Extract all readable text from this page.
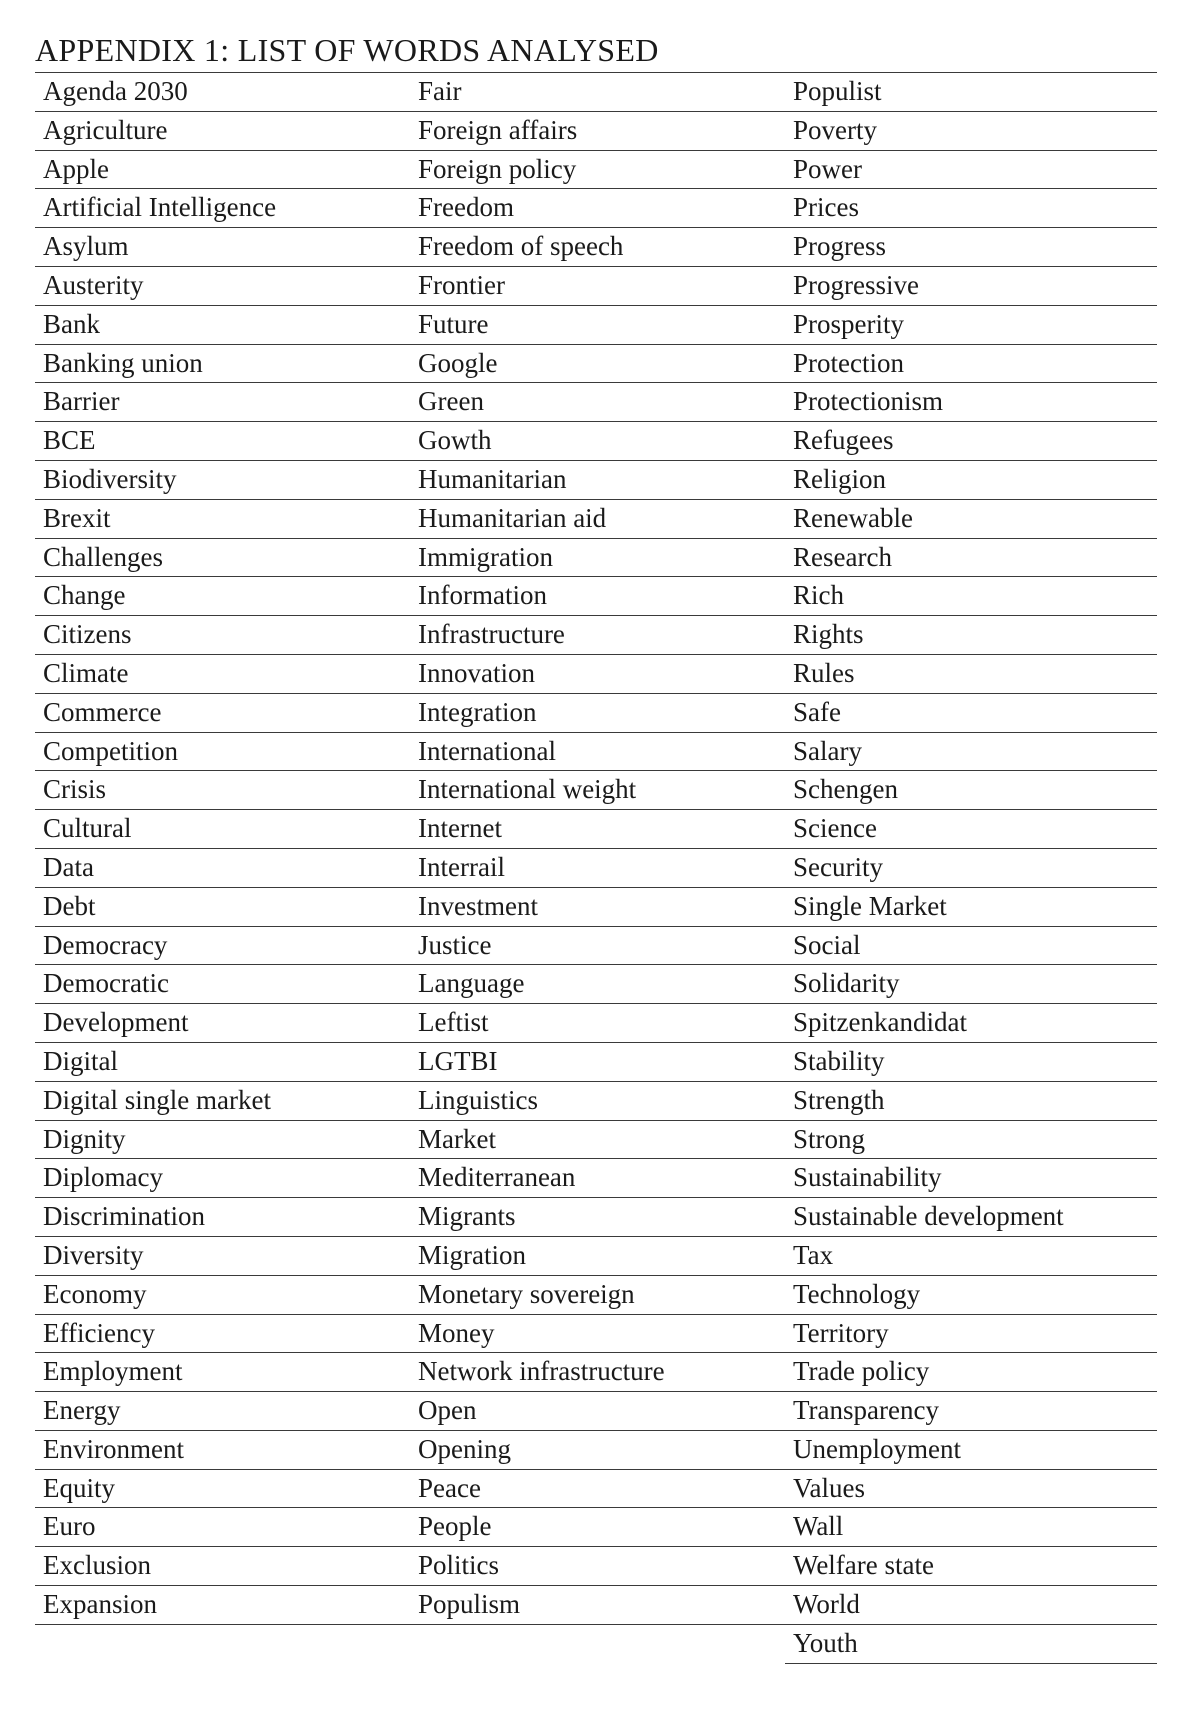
APPENDIX 1: LIST OF WORDS ANALYSED
Agenda 2030	Fair	Populist
Agriculture	Foreign affairs	Poverty
Apple	Foreign policy	Power
Artificial Intelligence	Freedom	Prices
Asylum	Freedom of speech	Progress
Austerity	Frontier	Progressive
Bank	Future	Prosperity
Banking union	Google	Protection
Barrier	Green	Protectionism
BCE	Gowth	Refugees
Biodiversity	Humanitarian	Religion
Brexit	Humanitarian aid	Renewable
Challenges	Immigration	Research
Change	Information	Rich
Citizens	Infrastructure	Rights
Climate	Innovation	Rules
Commerce	Integration	Safe
Competition	International	Salary
Crisis	International weight	Schengen
Cultural	Internet	Science
Data	Interrail	Security
Debt	Investment	Single Market
Democracy	Justice	Social
Democratic	Language	Solidarity
Development	Leftist	Spitzenkandidat
Digital	LGTBI	Stability
Digital single market	Linguistics	Strength
Dignity	Market	Strong
Diplomacy	Mediterranean	Sustainability
Discrimination	Migrants	Sustainable development
Diversity	Migration	Tax
Economy	Monetary sovereign	Technology
Efficiency	Money	Territory
Employment	Network infrastructure	Trade policy
Energy	Open	Transparency
Environment	Opening	Unemployment
Equity	Peace	Values
Euro	People	Wall
Exclusion	Politics	Welfare state
Expansion	Populism	World
		Youth
